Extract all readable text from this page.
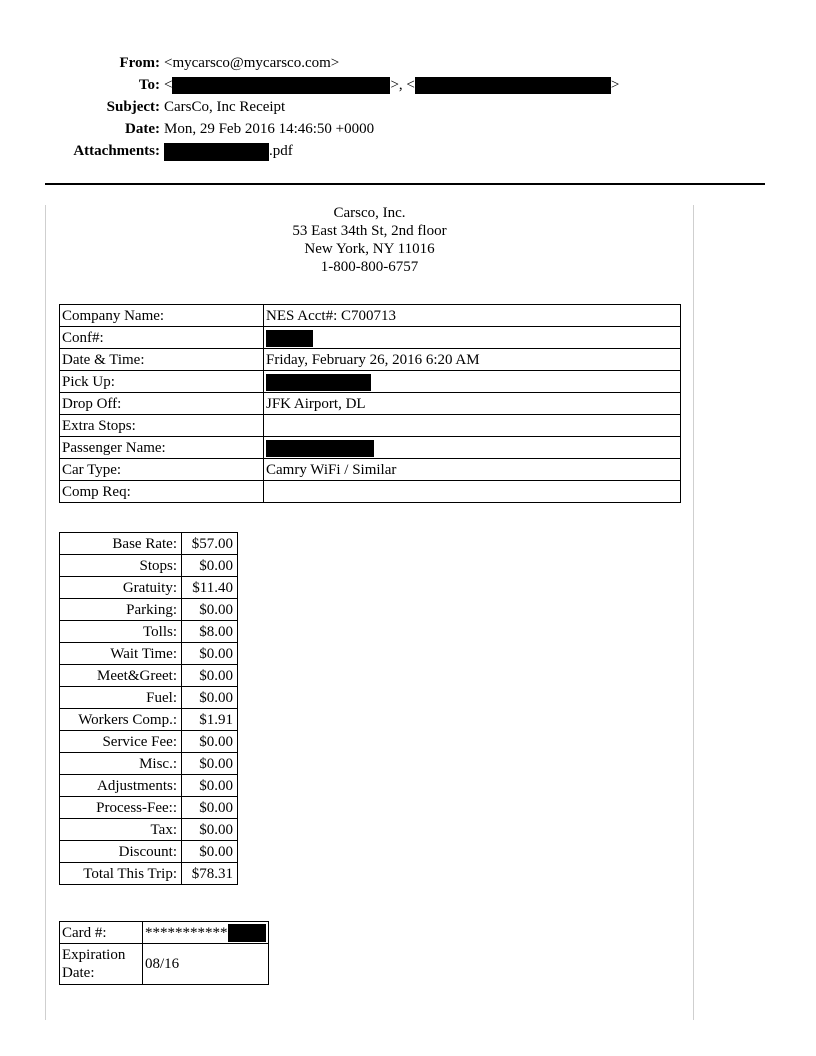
From: <mycarsco@mycarsco.com>
To: <	>, <	>
Subject: CarsCo, Inc Receipt
Date: Mon, 29 Feb 2016 14:46:50 +0000
Attachments:	.pdf
Carsco, Inc.
53 East 34th St, 2nd floor
New York, NY 11016
1-800-800-6757
Company Name:	NES Acct#: C700713
Conf#:	
Date & Time:	Friday, February 26, 2016 6:20 AM
Pick Up:	
Drop Off:	JFK Airport, DL
Extra Stops:	
Passenger Name:	
Car Type:	Camry WiFi / Similar
Comp Req:	
Base Rate:	$57.00
Stops:	$0.00
Gratuity:	$11.40
Parking:	$0.00
Tolls:	$8.00
Wait Time:	$0.00
Meet&Greet:	$0.00
Fuel:	$0.00
Workers Comp.:	$1.91
Service Fee:	$0.00
Misc.:	$0.00
Adjustments:	$0.00
Process-Fee::	$0.00
Tax:	$0.00
Discount:	$0.00
Total This Trip:	$78.31
Card #:	***********

Expiration
Date:	08/16
